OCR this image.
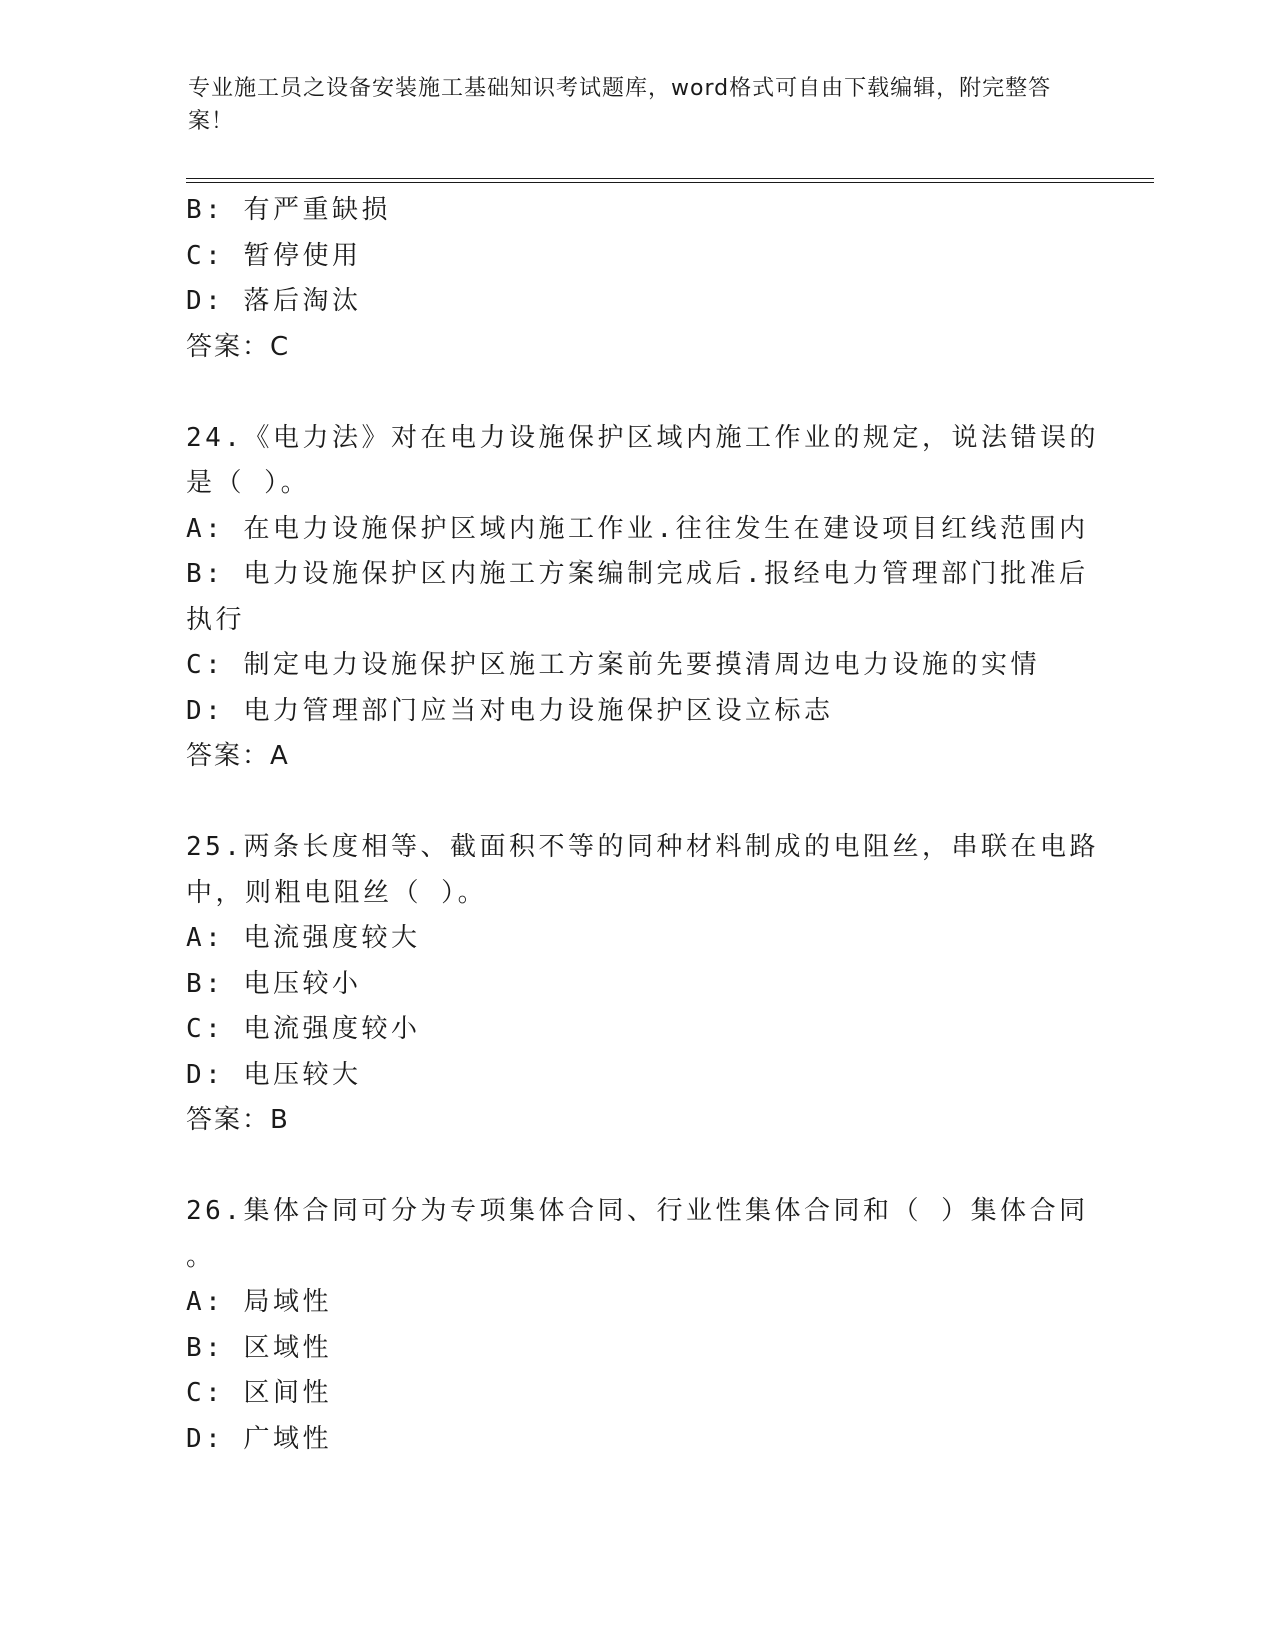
专业施工员之设备安装施工基础知识考试题库，word格式可自由下载编辑，附完整答案！
B: 有严重缺损
C: 暂停使用
D: 落后淘汰
答案：C
24.《电力法》对在电力设施保护区域内施工作业的规定，说法错误的
是（ ）。
A: 在电力设施保护区域内施工作业.往往发生在建设项目红线范围内
B: 电力设施保护区内施工方案编制完成后.报经电力管理部门批准后
执行
C: 制定电力设施保护区施工方案前先要摸清周边电力设施的实情
D: 电力管理部门应当对电力设施保护区设立标志
答案：A
25.两条长度相等、截面积不等的同种材料制成的电阻丝，串联在电路
中，则粗电阻丝（ ）。
A: 电流强度较大
B: 电压较小
C: 电流强度较小
D: 电压较大
答案：B
26.集体合同可分为专项集体合同、行业性集体合同和（ ）集体合同
。
A: 局域性
B: 区域性
C: 区间性
D: 广域性
